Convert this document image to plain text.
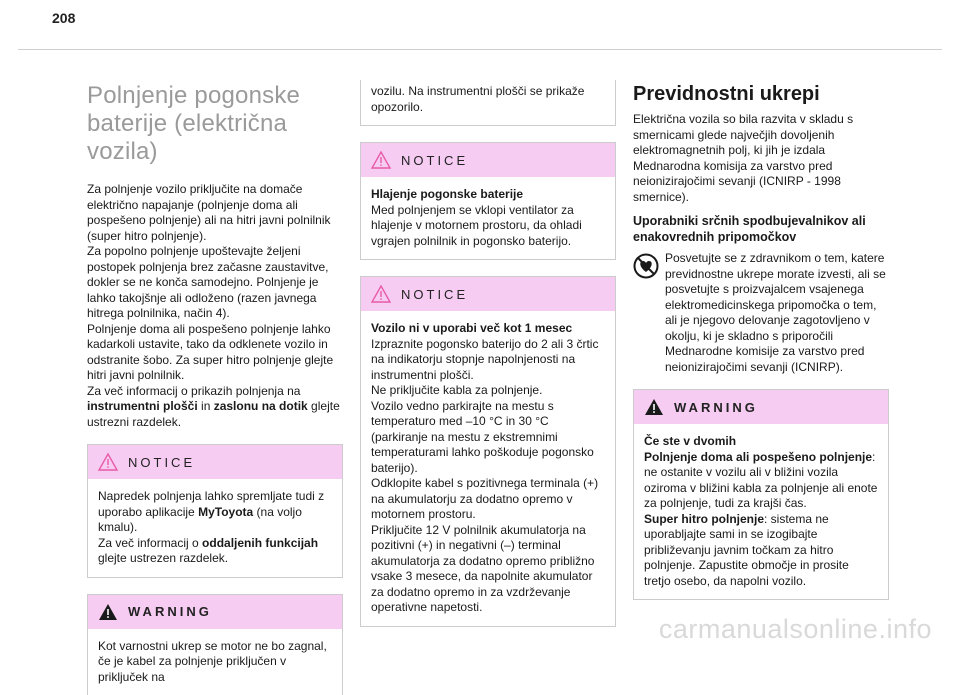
208
Polnjenje pogonske
baterije (električna vozila)

Za polnjenje vozilo priključite na domače električno napajanje (polnjenje doma ali pospešeno polnjenje) ali na hitri javni polnilnik (super hitro polnjenje).

Za popolno polnjenje upoštevajte željeni postopek polnjenja brez začasne zaustavitve, dokler se ne konča samodejno. Polnjenje je lahko takojšnje ali odloženo (razen javnega hitrega polnilnika, način 4).

Polnjenje doma ali pospešeno polnjenje lahko kadarkoli ustavite, tako da odklenete vozilo in odstranite šobo. Za super hitro polnjenje glejte hitri javni polnilnik.

Za več informacij o prikazih polnjenja na instrumentni plošči in zaslonu na dotik glejte ustrezni razdelek.

NOTICE

Napredek polnjenja lahko spremljate tudi z uporabo aplikacije MyToyota (na voljo kmalu).

Za več informacij o oddaljenih funkcijah glejte ustrezen razdelek.

WARNING

Kot varnostni ukrep se motor ne bo zagnal, če je kabel za polnjenje priključen v priključek na

vozilu. Na instrumentni plošči se prikaže opozorilo.

NOTICE

Hlajenje pogonske baterije

Med polnjenjem se vklopi ventilator za hlajenje v motornem prostoru, da ohladi vgrajen polnilnik in pogonsko baterijo.

NOTICE

Vozilo ni v uporabi več kot 1 mesec

Izpraznite pogonsko baterijo do 2 ali 3 črtic na indikatorju stopnje napolnjenosti na instrumentni plošči.

Ne priključite kabla za polnjenje.

Vozilo vedno parkirajte na mestu s temperaturo med –10 °C in 30 °C (parkiranje na mestu z ekstremnimi temperaturami lahko poškoduje pogonsko baterijo).

Odklopite kabel s pozitivnega terminala (+) na akumulatorju za dodatno opremo v motornem prostoru.

Priključite 12 V polnilnik akumulatorja na pozitivni (+) in negativni (–) terminal akumulatorja za dodatno opremo približno vsake 3 mesece, da napolnite akumulator za dodatno opremo in za vzdrževanje operativne napetosti.

Previdnostni ukrepi

Električna vozila so bila razvita v skladu s smernicami glede največjih dovoljenih elektromagnetnih polj, ki jih je izdala Mednarodna komisija za varstvo pred neionizirajočimi sevanji (ICNIRP - 1998 smernice).

Uporabniki srčnih spodbujevalnikov ali enakovrednih pripomočkov

Posvetujte se z zdravnikom o tem, katere previdnostne ukrepe morate izvesti, ali se posvetujte s proizvajalcem vsajenega elektromedicinskega pripomočka o tem, ali je njegovo delovanje zagotovljeno v okolju, ki je skladno s priporočili Mednarodne komisije za varstvo pred neionizirajočimi sevanji (ICNIRP).

WARNING

Če ste v dvomih

Polnjenje doma ali pospešeno polnjenje: ne ostanite v vozilu ali v bližini vozila oziroma v bližini kabla za polnjenje ali enote za polnjenje, tudi za krajši čas.

Super hitro polnjenje: sistema ne uporabljajte sami in se izogibajte približevanju javnim točkam za hitro polnjenje. Zapustite območje in prosite tretjo osebo, da napolni vozilo.

carmanualsonline.info
